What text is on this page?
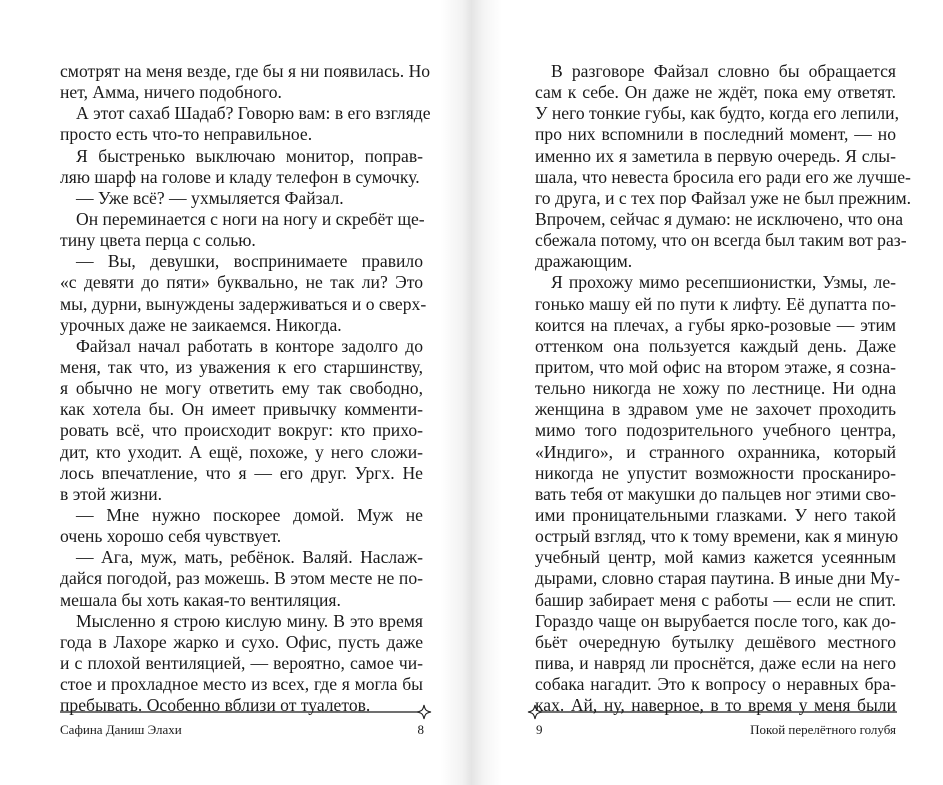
смотрят на меня везде, где бы я ни появилась. Но
нет, Амма, ничего подобного.
А этот сахаб Шадаб? Говорю вам: в его взгляде
просто есть что-то неправильное.
Я быстренько выключаю монитор, поправ-
ляю шарф на голове и кладу телефон в сумочку.
— Уже всё? — ухмыляется Файзал.
Он переминается с ноги на ногу и скребёт ще-
тину цвета перца с солью.
— Вы, девушки, воспринимаете правило
«с девяти до пяти» буквально, не так ли? Это
мы, дурни, вынуждены задерживаться и о сверх-
урочных даже не заикаемся. Никогда.
Файзал начал работать в конторе задолго до
меня, так что, из уважения к его старшинству,
я обычно не могу ответить ему так свободно,
как хотела бы. Он имеет привычку комменти-
ровать всё, что происходит вокруг: кто прихо-
дит, кто уходит. А ещё, похоже, у него сложи-
лось впечатление, что я — его друг. Ургх. Не
в этой жизни.
— Мне нужно поскорее домой. Муж не
очень хорошо себя чувствует.
— Ага, муж, мать, ребёнок. Валяй. Наслаж-
дайся погодой, раз можешь. В этом месте не по-
мешала бы хоть какая-то вентиляция.
Мысленно я строю кислую мину. В это время
года в Лахоре жарко и сухо. Офис, пусть даже
и с плохой вентиляцией, — вероятно, самое чи-
стое и прохладное место из всех, где я могла бы
пребывать. Особенно вблизи от туалетов.
В разговоре Файзал словно бы обращается
сам к себе. Он даже не ждёт, пока ему ответят.
У него тонкие губы, как будто, когда его лепили,
про них вспомнили в последний момент, — но
именно их я заметила в первую очередь. Я слы-
шала, что невеста бросила его ради его же лучше-
го друга, и с тех пор Файзал уже не был прежним.
Впрочем, сейчас я думаю: не исключено, что она
сбежала потому, что он всегда был таким вот раз-
дражающим.
Я прохожу мимо ресепшионистки, Узмы, ле-
гонько машу ей по пути к лифту. Её дупатта по-
коится на плечах, а губы ярко-розовые — этим
оттенком она пользуется каждый день. Даже
притом, что мой офис на втором этаже, я созна-
тельно никогда не хожу по лестнице. Ни одна
женщина в здравом уме не захочет проходить
мимо того подозрительного учебного центра,
«Индиго», и странного охранника, который
никогда не упустит возможности просканиро-
вать тебя от макушки до пальцев ног этими сво-
ими проницательными глазками. У него такой
острый взгляд, что к тому времени, как я миную
учебный центр, мой камиз кажется усеянным
дырами, словно старая паутина. В иные дни Му-
башир забирает меня с работы — если не спит.
Гораздо чаще он вырубается после того, как до-
бьёт очередную бутылку дешёвого местного
пива, и навряд ли проснётся, даже если на него
собака нагадит. Это к вопросу о неравных бра-
ках. Ай, ну, наверное, в то время у меня были
Сафина Даниш Элахи	8	9	Покой перелётного голубя
